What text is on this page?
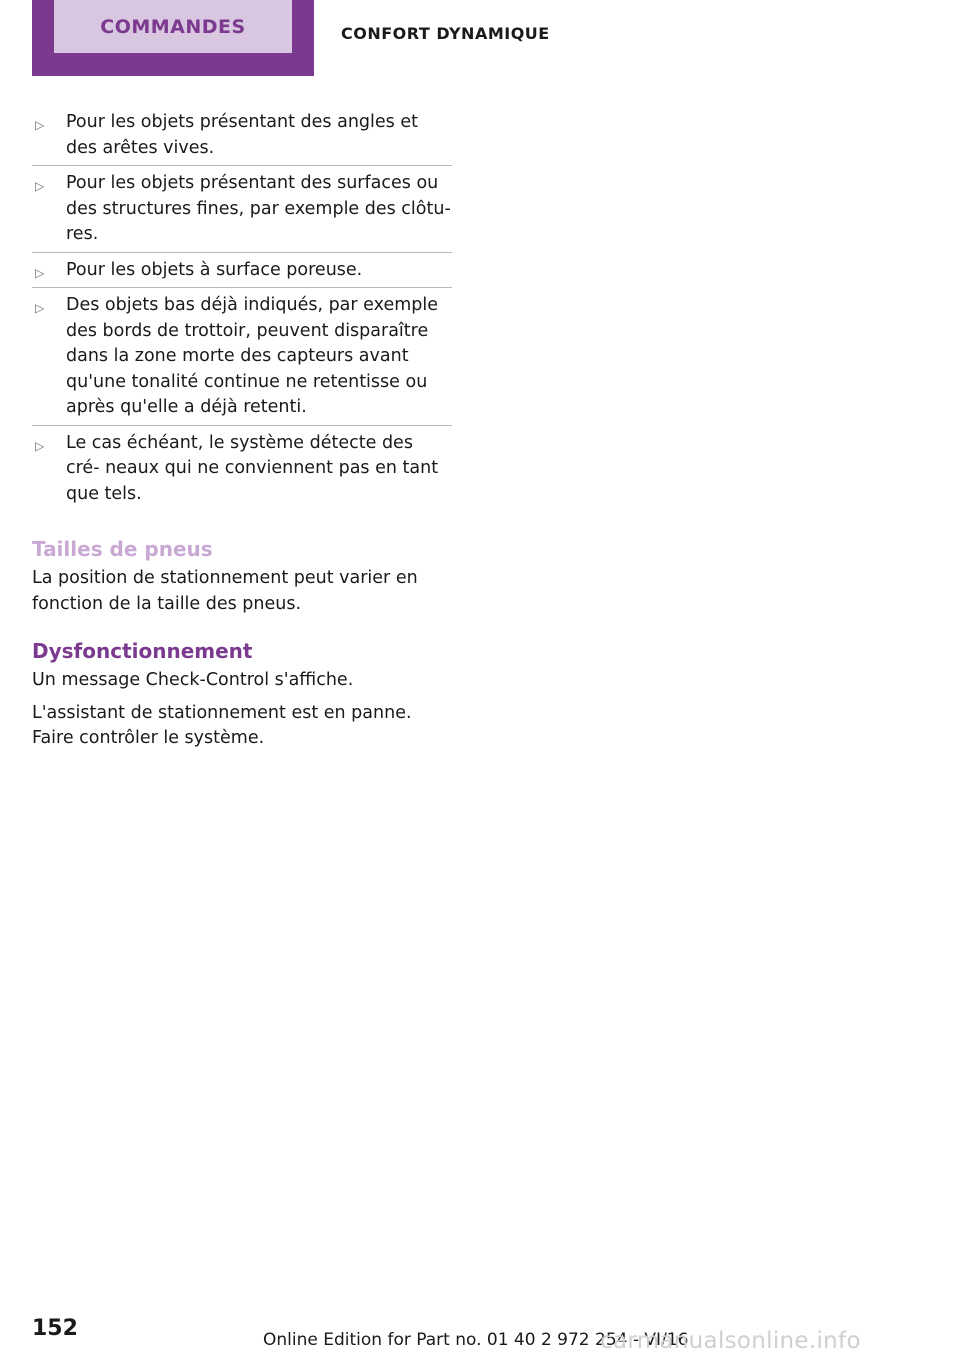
COMMANDES	CONFORT DYNAMIQUE
▷ Pour les objets présentant des angles et des arêtes vives.
▷ Pour les objets présentant des surfaces ou des structures fines, par exemple des clôtu‐ res.
▷ Pour les objets à surface poreuse.
▷ Des objets bas déjà indiqués, par exemple des bords de trottoir, peuvent disparaître dans la zone morte des capteurs avant qu'une tonalité continue ne retentisse ou après qu'elle a déjà retenti.
▷ Le cas échéant, le système détecte des cré‐ neaux qui ne conviennent pas en tant que tels.
Tailles de pneus

La position de stationnement peut varier en fonction de la taille des pneus.

Dysfonctionnement

Un message Check-Control s'affiche.

L'assistant de stationnement est en panne. Faire contrôler le système.

152	Online Edition for Part no. 01 40 2 972 254 - VI/16
carmanualsonline.info
